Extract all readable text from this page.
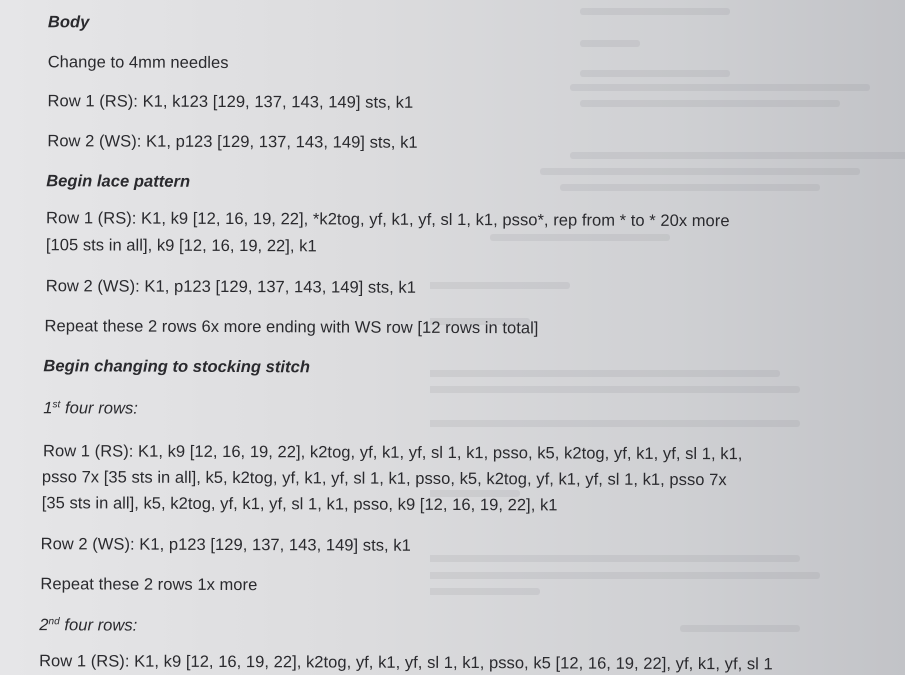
Body
Change to 4mm needles
Row 1 (RS): K1, k123 [129, 137, 143, 149] sts, k1
Row 2 (WS): K1, p123 [129, 137, 143, 149] sts, k1
Begin lace pattern
Row 1 (RS): K1, k9 [12, 16, 19, 22], *k2tog, yf, k1, yf, sl 1, k1, psso*, rep from * to * 20x more
[105 sts in all], k9 [12, 16, 19, 22], k1
Row 2 (WS): K1, p123 [129, 137, 143, 149] sts, k1
Repeat these 2 rows 6x more ending with WS row [12 rows in total]
Begin changing to stocking stitch
1st four rows:
Row 1 (RS): K1, k9 [12, 16, 19, 22], k2tog, yf, k1, yf, sl 1, k1, psso, k5, k2tog, yf, k1, yf, sl 1, k1,
psso 7x [35 sts in all], k5, k2tog, yf, k1, yf, sl 1, k1, psso, k5, k2tog, yf, k1, yf, sl 1, k1, psso 7x
[35 sts in all], k5, k2tog, yf, k1, yf, sl 1, k1, psso, k9 [12, 16, 19, 22], k1
Row 2 (WS): K1, p123 [129, 137, 143, 149] sts, k1
Repeat these 2 rows 1x more
2nd four rows:
Row 1 (RS): K1, k9 [12, 16, 19, 22], k2tog, yf, k1, yf, sl 1, k1, psso, k5 [12, 16, 19, 22], yf, k1, yf, sl 1
